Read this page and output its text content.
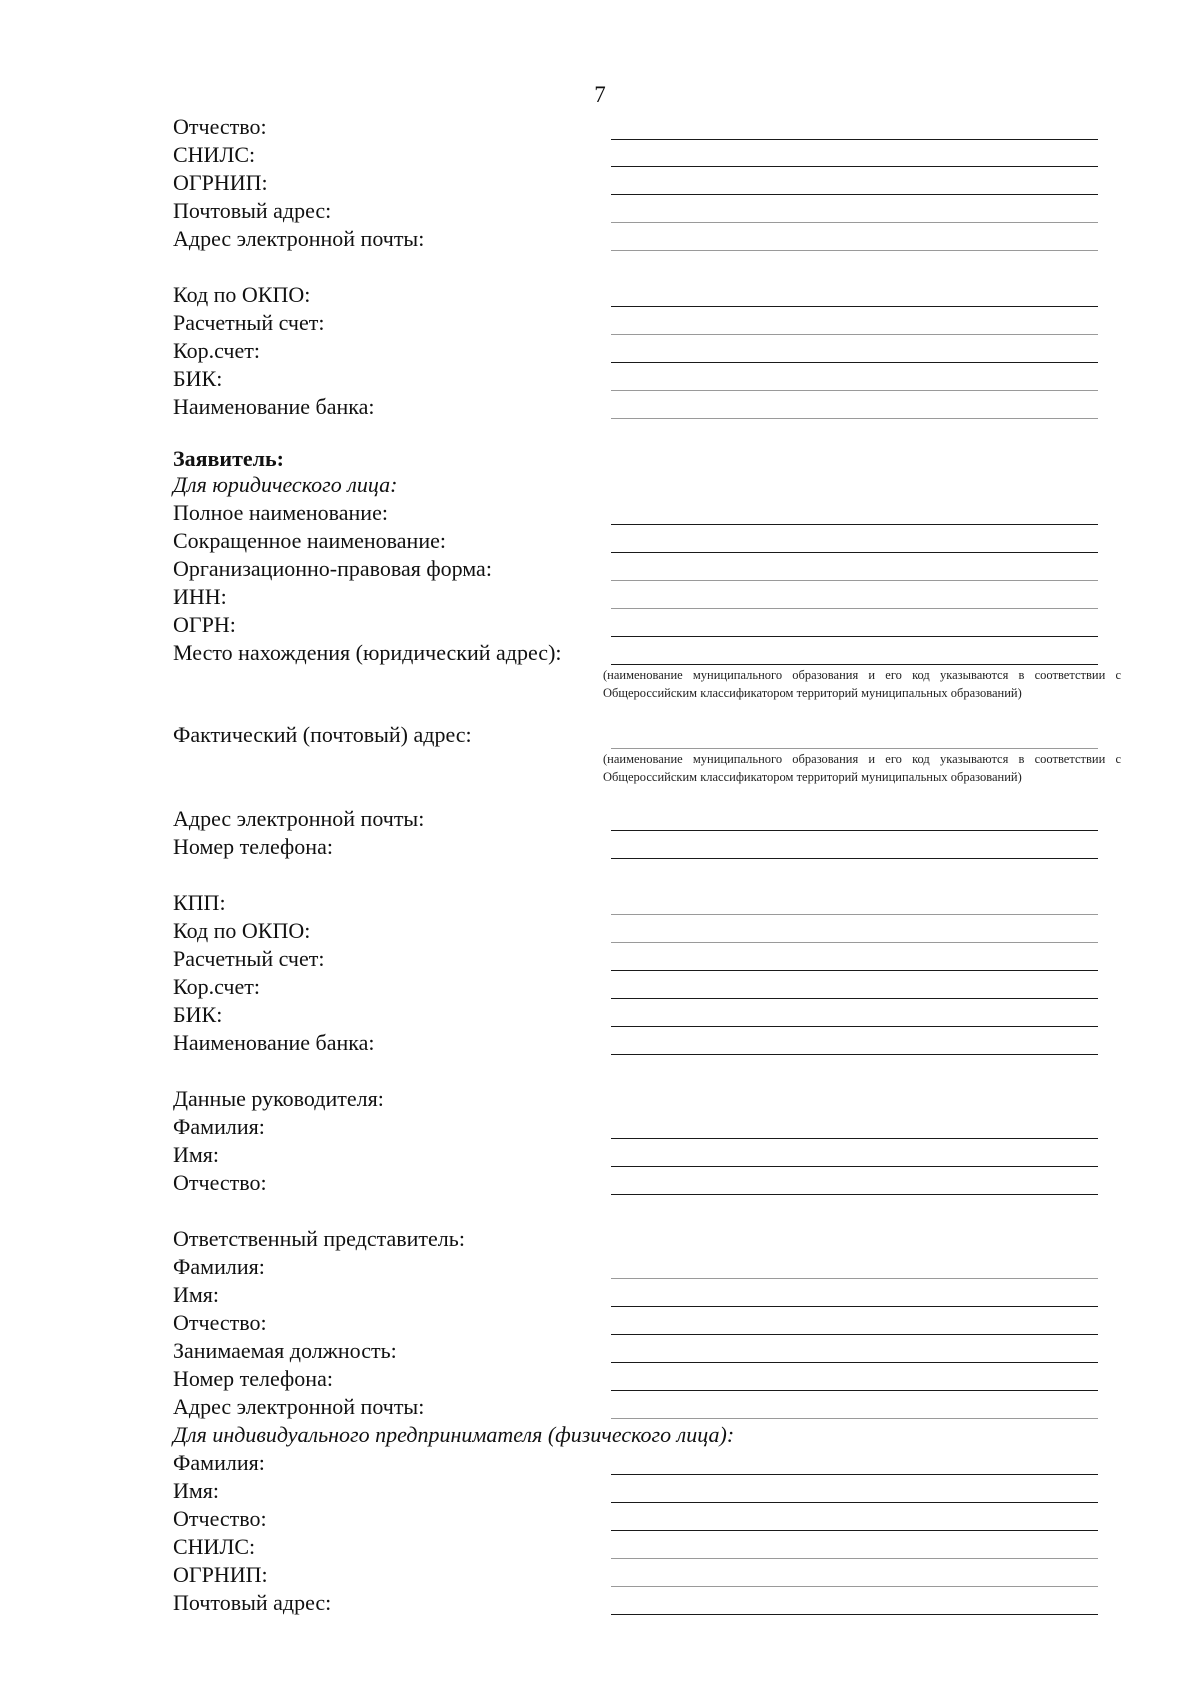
7
Отчество:
СНИЛС:
ОГРНИП:
Почтовый адрес:
Адрес электронной почты:
Код по ОКПО:
Расчетный счет:
Кор.счет:
БИК:
Наименование банка:
Заявитель:
Для юридического лица:
Полное наименование:
Сокращенное наименование:
Организационно-правовая форма:
ИНН:
ОГРН:
Место нахождения (юридический адрес):
(наименование муниципального образования и его код указываются в соответствии с Общероссийским классификатором территорий муниципальных образований)
Фактический (почтовый) адрес:
(наименование муниципального образования и его код указываются в соответствии с Общероссийским классификатором территорий муниципальных образований)
Адрес электронной почты:
Номер телефона:
КПП:
Код по ОКПО:
Расчетный счет:
Кор.счет:
БИК:
Наименование банка:
Данные руководителя:
Фамилия:
Имя:
Отчество:
Ответственный представитель:
Фамилия:
Имя:
Отчество:
Занимаемая должность:
Номер телефона:
Адрес электронной почты:
Для индивидуального предпринимателя (физического лица):
Фамилия:
Имя:
Отчество:
СНИЛС:
ОГРНИП:
Почтовый адрес:
